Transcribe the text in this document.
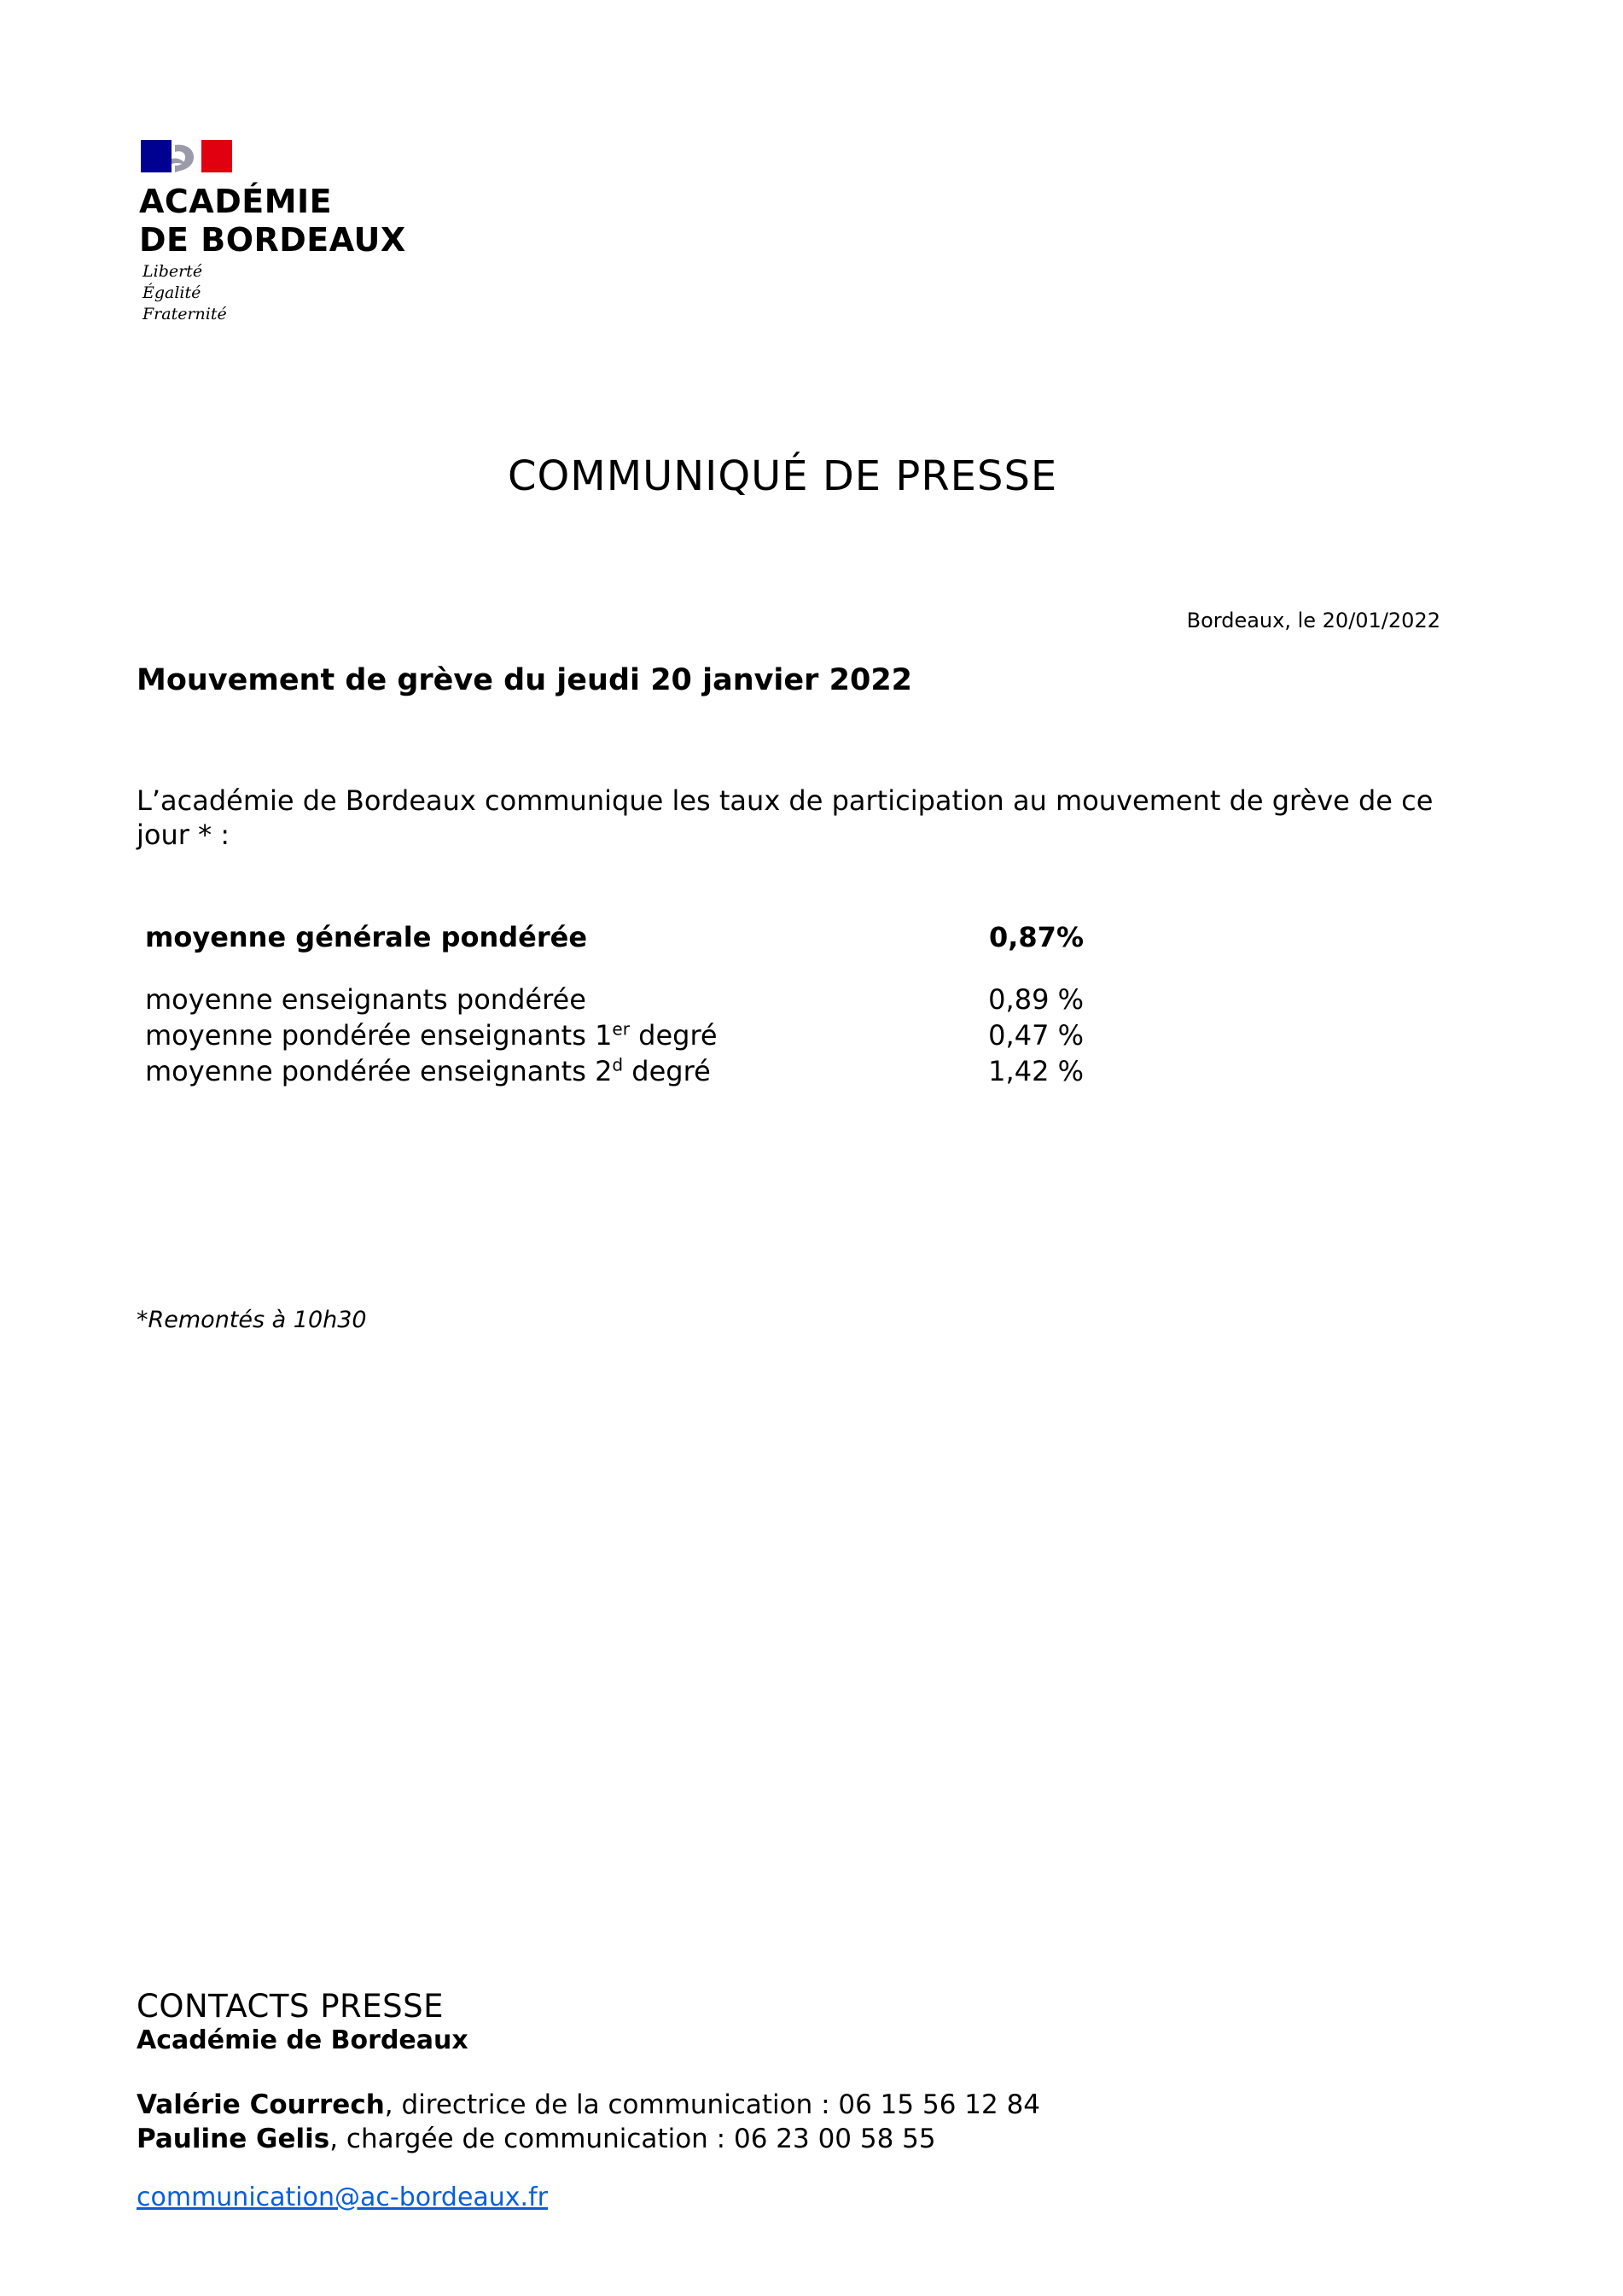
ACADÉMIE
DE BORDEAUX
Liberté
Égalité
Fraternité
COMMUNIQUÉ DE PRESSE
Bordeaux, le 20/01/2022
Mouvement de grève du jeudi 20 janvier 2022
L’académie de Bordeaux communique les taux de participation au mouvement de grève de ce jour * :
moyenne générale pondérée	0,87%
moyenne enseignants pondérée	0,89 %
moyenne pondérée enseignants 1er degré	0,47 %
moyenne pondérée enseignants 2$^d$ degré	1,42 %
*Remontés à 10h30
CONTACTS PRESSE
Académie de Bordeaux
Valérie Courrech, directrice de la communication : 06 15 56 12 84
Pauline Gelis, chargée de communication : 06 23 00 58 55
communication@ac-bordeaux.fr
